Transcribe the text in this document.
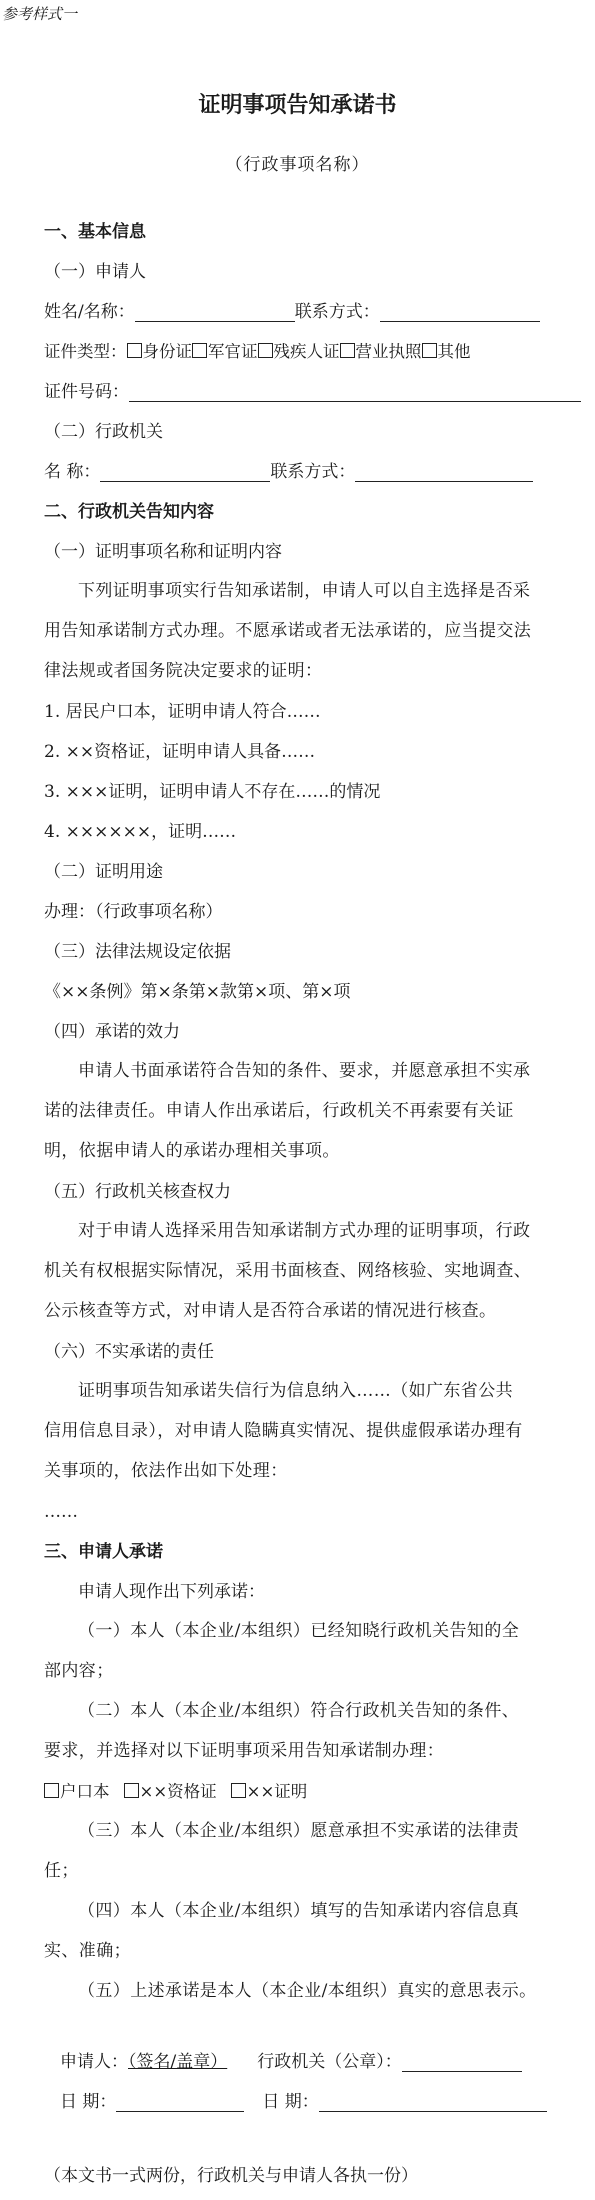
参考样式一
证明事项告知承诺书
（行政事项名称）
一、基本信息
（一）申请人
姓名/名称：	联系方式：
证件类型： 身份证 军官证 残疾人证 营业执照 其他
证件号码：
（二）行政机关
名 称：	联系方式：
二、行政机关告知内容
（一）证明事项名称和证明内容
下列证明事项实行告知承诺制，申请人可以自主选择是否采
用告知承诺制方式办理。不愿承诺或者无法承诺的，应当提交法
律法规或者国务院决定要求的证明：
1. 居民户口本，证明申请人符合……
2. ××资格证，证明申请人具备……
3. ×××证明，证明申请人不存在……的情况
4. ××××××，证明……
（二）证明用途
办理：（行政事项名称）
（三）法律法规设定依据
《××条例》第×条第×款第×项、第×项
（四）承诺的效力
申请人书面承诺符合告知的条件、要求，并愿意承担不实承
诺的法律责任。申请人作出承诺后，行政机关不再索要有关证
明，依据申请人的承诺办理相关事项。
（五）行政机关核查权力
对于申请人选择采用告知承诺制方式办理的证明事项，行政
机关有权根据实际情况，采用书面核查、网络核验、实地调查、
公示核查等方式，对申请人是否符合承诺的情况进行核查。
（六）不实承诺的责任
证明事项告知承诺失信行为信息纳入……（如广东省公共
信用信息目录），对申请人隐瞒真实情况、提供虚假承诺办理有
关事项的，依法作出如下处理：
……
三、申请人承诺
申请人现作出下列承诺：
（一）本人（本企业/本组织）已经知晓行政机关告知的全
部内容；
（二）本人（本企业/本组织）符合行政机关告知的条件、
要求，并选择对以下证明事项采用告知承诺制办理：
户口本 ××资格证 ××证明
（三）本人（本企业/本组织）愿意承担不实承诺的法律责
任；
（四）本人（本企业/本组织）填写的告知承诺内容信息真
实、准确；
（五）上述承诺是本人（本企业/本组织）真实的意思表示。
申请人：（签名/盖章） 行政机关（公章）：
日 期：	日 期：
（本文书一式两份，行政机关与申请人各执一份）
